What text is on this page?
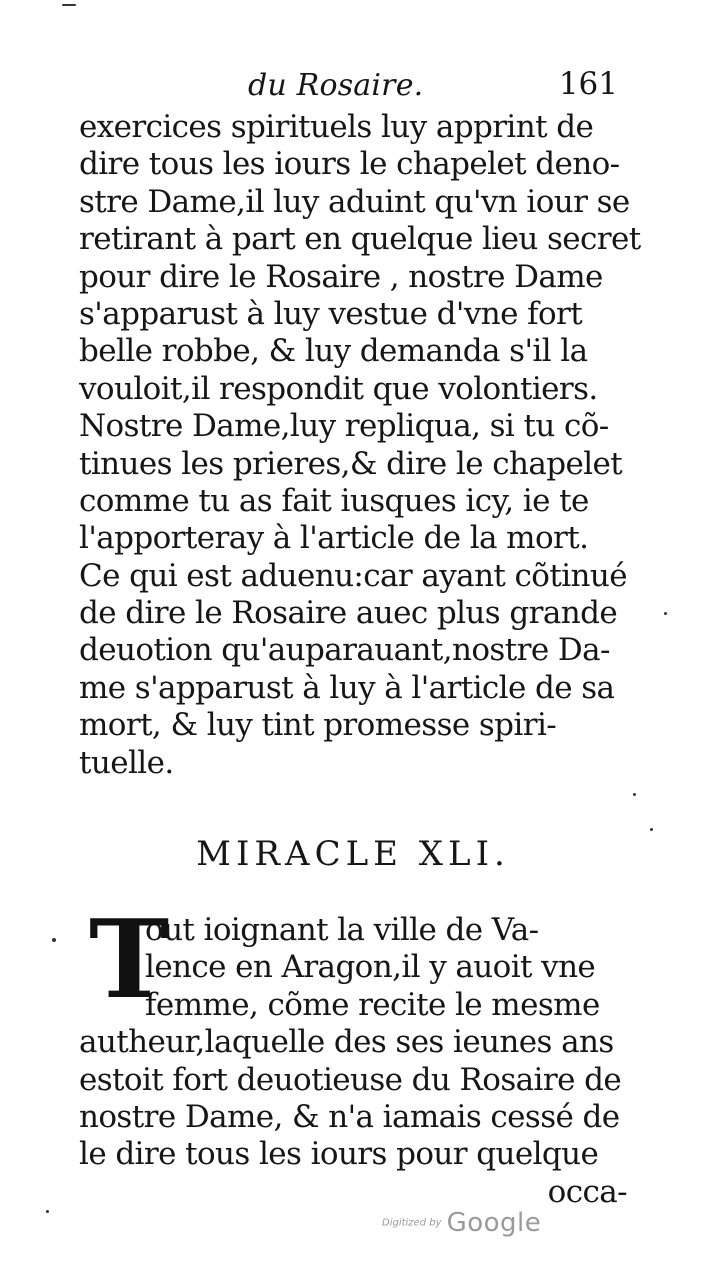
du Rosaire.	161
exercices spirituels luy apprint de
dire tous les iours le chapelet deno-
stre Dame,il luy aduint qu'vn iour se
retirant à part en quelque lieu secret
pour dire le Rosaire , nostre Dame
s'apparust à luy vestue d'vne fort
belle robbe, & luy demanda s'il la
vouloit,il respondit que volontiers.
Nostre Dame,luy repliqua, si tu cõ-
tinues les prieres,& dire le chapelet
comme tu as fait iusques icy, ie te
l'apporteray à l'article de la mort.
Ce qui est aduenu:car ayant cõtinué
de dire le Rosaire auec plus grande
deuotion qu'auparauant,nostre Da-
me s'apparust à luy à l'article de sa
mort, & luy tint promesse spiri-
tuelle.
MIRACLE XLI.
T
out ioignant la ville de Va-
lence en Aragon,il y auoit vne
femme, cõme recite le mesme
autheur,laquelle des ses ieunes ans
estoit fort deuotieuse du Rosaire de
nostre Dame, & n'a iamais cessé de
le dire tous les iours pour quelque
occa-
Digitized by Google
